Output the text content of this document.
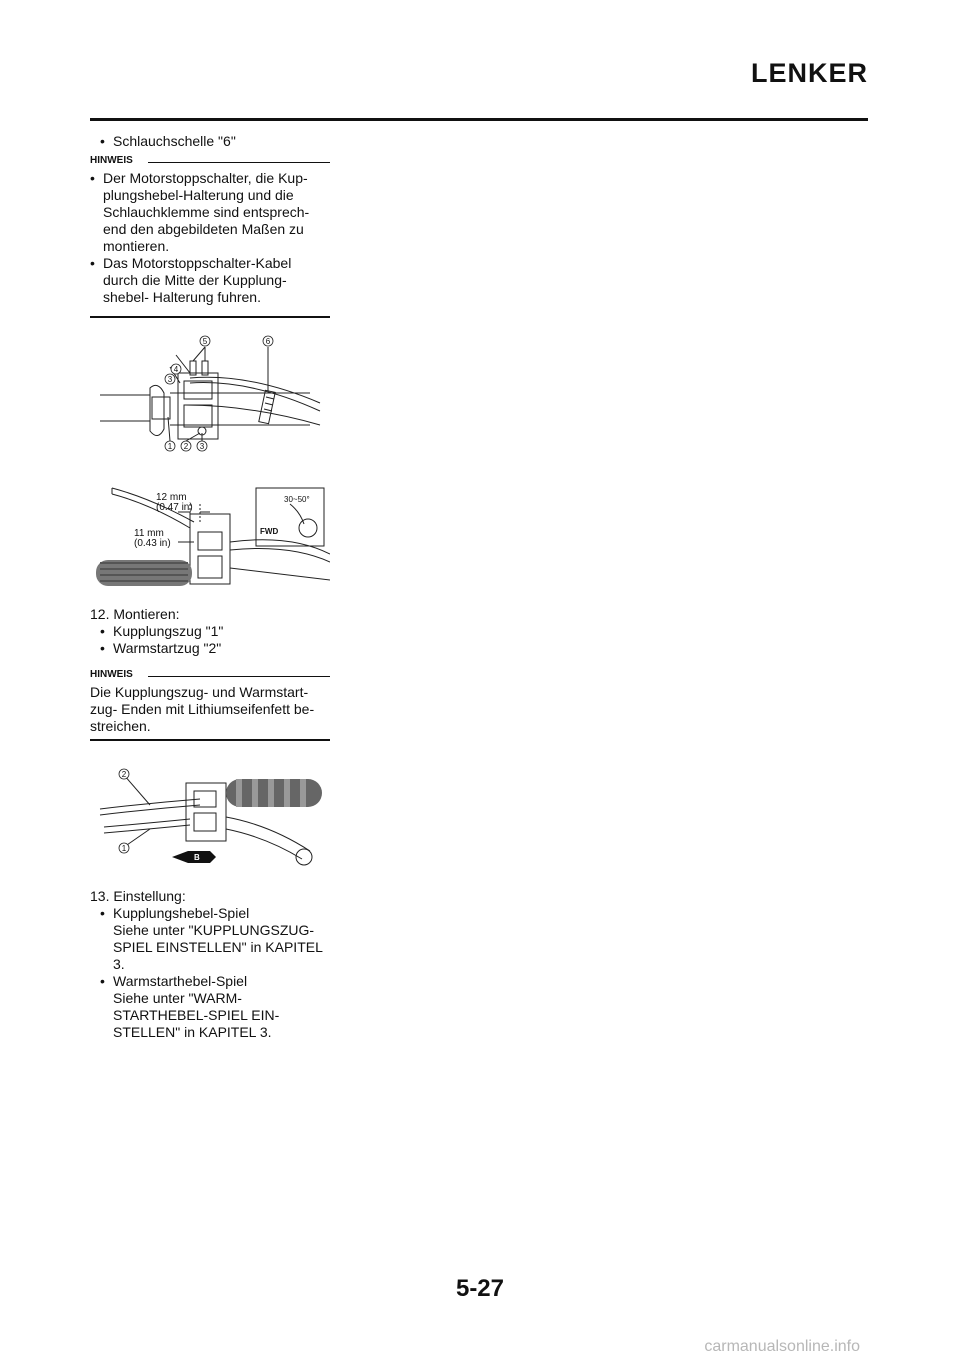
LENKER
• Schlauchschelle "6"
HINWEIS
• Der Motorstoppschalter, die Kup-plungshebel-Halterung und die Schlauchklemme sind entsprech-end den abgebildeten Maßen zu montieren.
• Das Motorstoppschalter-Kabel durch die Mitte der Kupplung-shebel- Halterung fuhren.
4
3
5	6
1 2 3
12 mm
(0.47 in)
11 mm
(0.43 in)
30~50°
FWD
12. Montieren:
• Kupplungszug "1"
• Warmstartzug "2"
HINWEIS
Die Kupplungszug- und Warmstart-zug- Enden mit Lithiumseifenfett be-streichen.
2
1
B
13. Einstellung:
• Kupplungshebel-Spiel
Siehe unter "KUPPLUNGSZUG-SPIEL EINSTELLEN" in KAPITEL 3.
• Warmstarthebel-Spiel
Siehe unter "WARM-STARTHEBEL-SPIEL EIN-STELLEN" in KAPITEL 3.
5-27
carmanualsonline.info
